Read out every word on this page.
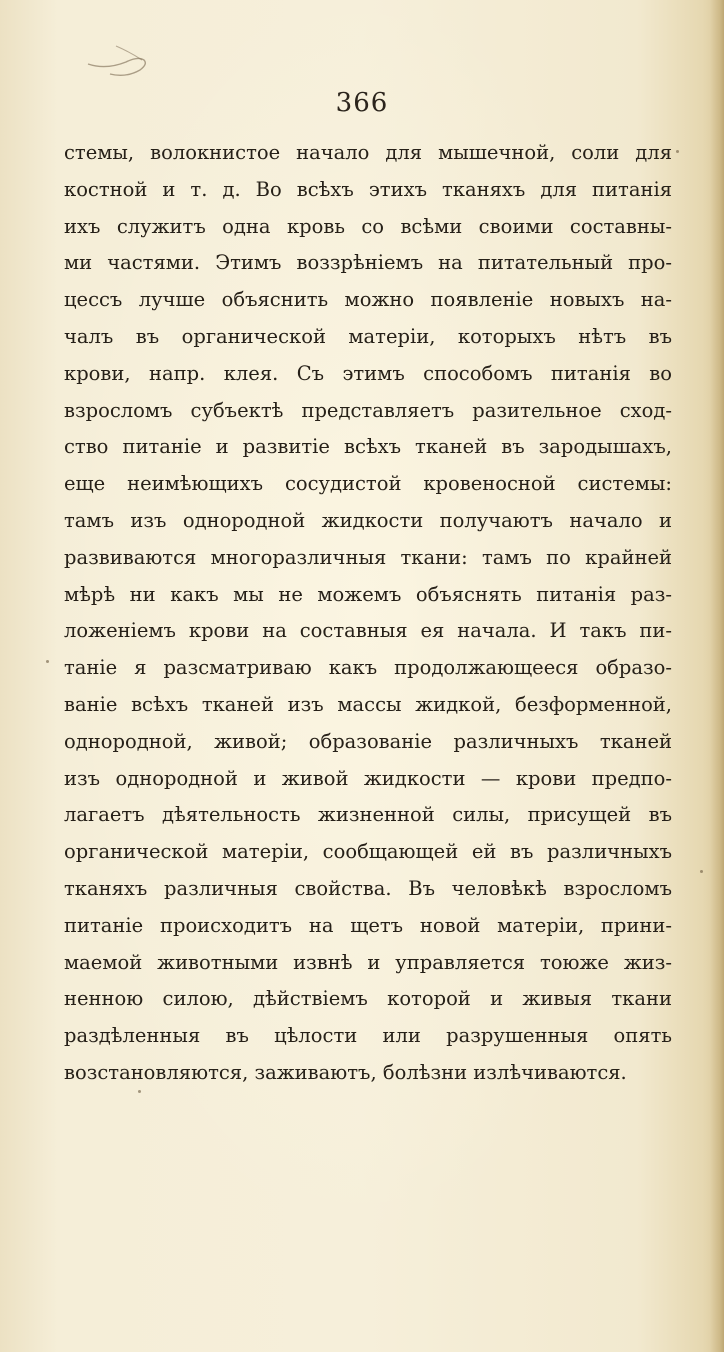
366
стемы, волокнистое начало для мышечной, соли для
костной и т. д. Во всѣхъ этихъ тканяхъ для питанія
ихъ служитъ одна кровь со всѣми своими составны-
ми частями. Этимъ воззрѣніемъ на питательный про-
цессъ лучше объяснить можно появленіе новыхъ на-
чалъ въ органической матеріи, которыхъ нѣтъ въ
крови, напр. клея. Съ этимъ способомъ питанія во
взросломъ субъектѣ представляетъ разительное сход-
ство питаніе и развитіе всѣхъ тканей въ зародышахъ,
еще неимѣющихъ сосудистой кровеносной системы:
тамъ изъ однородной жидкости получаютъ начало и
развиваются многоразличныя ткани: тамъ по крайней
мѣрѣ ни какъ мы не можемъ объяснять питанія раз-
ложеніемъ крови на составныя ея начала. И такъ пи-
таніе я разсматриваю какъ продолжающееся образо-
ваніе всѣхъ тканей изъ массы жидкой, безформенной,
однородной, живой; образованіе различныхъ тканей
изъ однородной и живой жидкости — крови предпо-
лагаетъ дѣятельность жизненной силы, присущей въ
органической матеріи, сообщающей ей въ различныхъ
тканяхъ различныя свойства. Въ человѣкѣ взросломъ
питаніе происходитъ на щетъ новой матеріи, прини-
маемой животными извнѣ и управляется тоюже жиз-
ненною силою, дѣйствіемъ которой и живыя ткани
раздѣленныя въ цѣлости или разрушенныя опять
возстановляются, заживаютъ, болѣзни излѣчиваются.
